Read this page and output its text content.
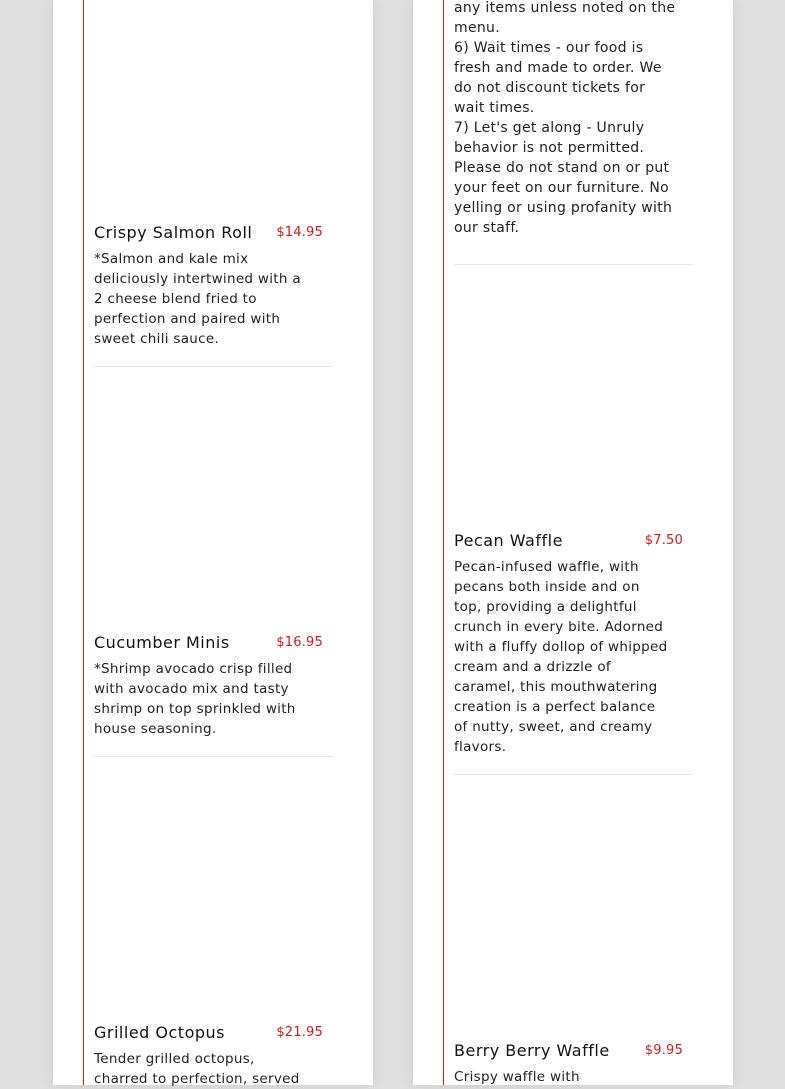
Crispy Salmon Roll $14.95
*Salmon and kale mix deliciously intertwined with a 2 cheese blend fried to perfection and paired with sweet chili sauce.
Cucumber Minis	$16.95
*Shrimp avocado crisp filled with avocado mix and tasty shrimp on top sprinkled with house seasoning.
Grilled Octopus	$21.95
Tender grilled octopus, charred to perfection, served
any items unless noted on the menu.
6) Wait times - our food is fresh and made to order. We do not discount tickets for wait times.
7) Let's get along - Unruly behavior is not permitted. Please do not stand on or put your feet on our furniture. No yelling or using profanity with our staff.
Pecan Waffle	$7.50
Pecan-infused waffle, with pecans both inside and on top, providing a delightful crunch in every bite. Adorned with a fluffy dollop of whipped cream and a drizzle of caramel, this mouthwatering creation is a perfect balance of nutty, sweet, and creamy flavors.
Berry Berry Waffle	$9.95
Crispy waffle with
